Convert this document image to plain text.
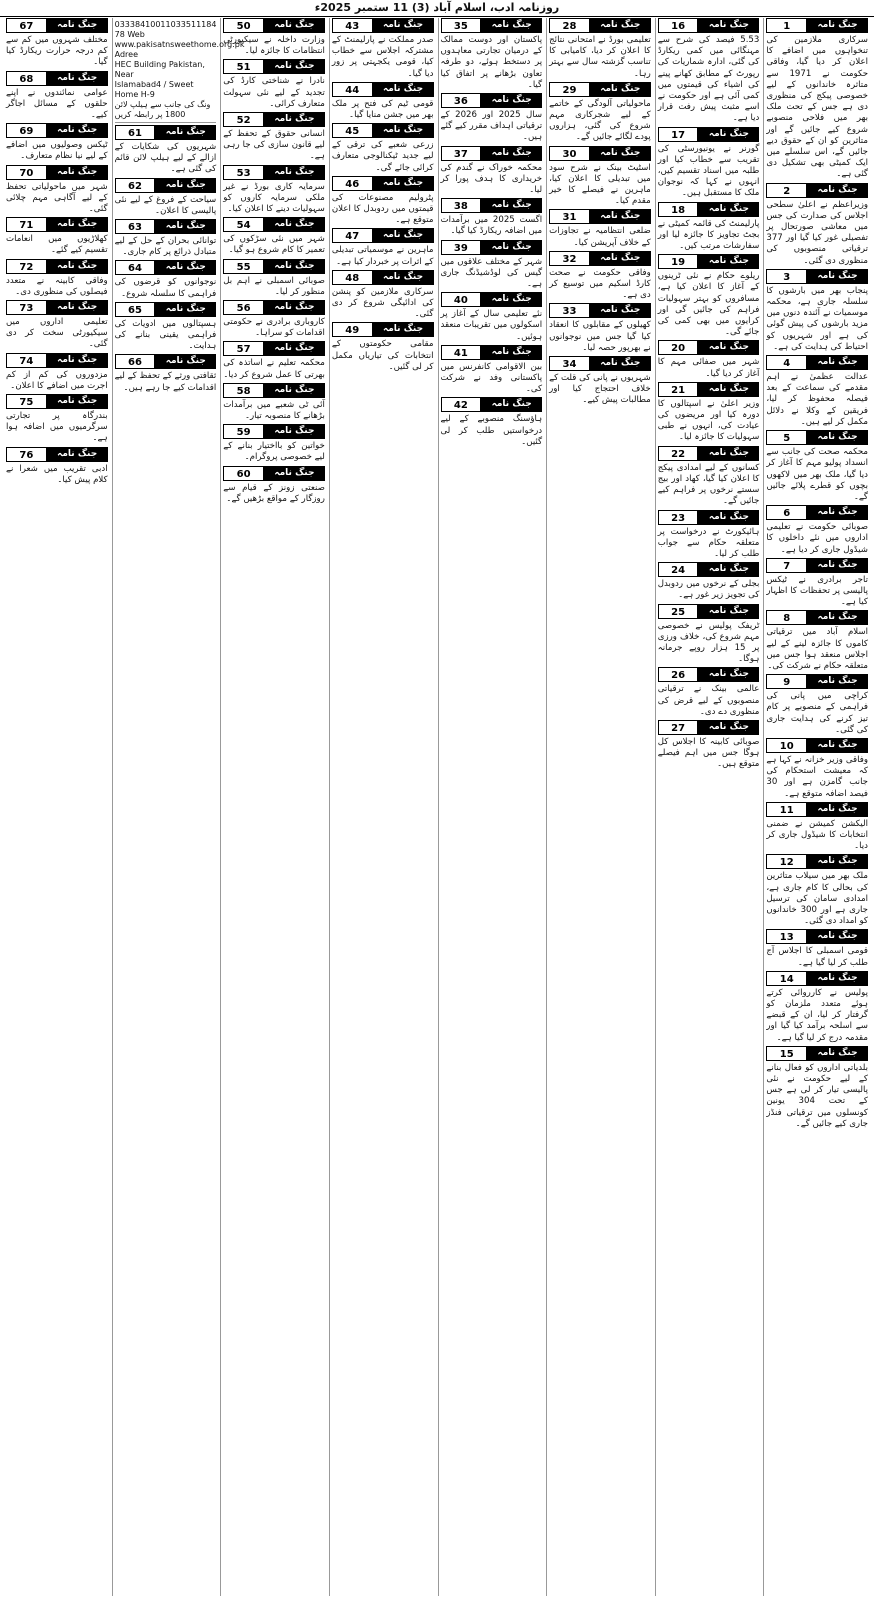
روزنامہ ادب، اسلام آباد (3) 11 ستمبر 2025ء
جنگ نامہ
1
سرکاری ملازمین کی تنخواہوں میں اضافے کا اعلان کر دیا گیا، وفاقی حکومت نے 1971 سے متاثرہ خاندانوں کے لیے خصوصی پیکج کی منظوری دی ہے جس کے تحت ملک بھر میں فلاحی منصوبے شروع کیے جائیں گے اور متاثرین کو ان کے حقوق دیے جائیں گے، اس سلسلے میں ایک کمیٹی بھی تشکیل دی گئی ہے۔
جنگ نامہ
2
وزیراعظم نے اعلیٰ سطحی اجلاس کی صدارت کی جس میں معاشی صورتحال پر تفصیلی غور کیا گیا اور 377 ترقیاتی منصوبوں کی منظوری دی گئی۔
جنگ نامہ
3
پنجاب بھر میں بارشوں کا سلسلہ جاری ہے، محکمہ موسمیات نے آئندہ دنوں میں مزید بارشوں کی پیش گوئی کی ہے اور شہریوں کو احتیاط کی ہدایت کی ہے۔
جنگ نامہ
4
عدالت عظمیٰ نے اہم مقدمے کی سماعت کے بعد فیصلہ محفوظ کر لیا، فریقین کے وکلا نے دلائل مکمل کر لیے ہیں۔
جنگ نامہ
5
محکمہ صحت کی جانب سے انسداد پولیو مہم کا آغاز کر دیا گیا، ملک بھر میں لاکھوں بچوں کو قطرے پلائے جائیں گے۔
جنگ نامہ
6
صوبائی حکومت نے تعلیمی اداروں میں نئے داخلوں کا شیڈول جاری کر دیا ہے۔
جنگ نامہ
7
تاجر برادری نے ٹیکس پالیسی پر تحفظات کا اظہار کیا ہے۔
جنگ نامہ
8
اسلام آباد میں ترقیاتی کاموں کا جائزہ لینے کے لیے اجلاس منعقد ہوا جس میں متعلقہ حکام نے شرکت کی۔
جنگ نامہ
9
کراچی میں پانی کی فراہمی کے منصوبے پر کام تیز کرنے کی ہدایت جاری کی گئی۔
جنگ نامہ
10
وفاقی وزیر خزانہ نے کہا ہے کہ معیشت استحکام کی جانب گامزن ہے اور 30 فیصد اضافہ متوقع ہے۔
جنگ نامہ
11
الیکشن کمیشن نے ضمنی انتخابات کا شیڈول جاری کر دیا۔
جنگ نامہ
12
ملک بھر میں سیلاب متاثرین کی بحالی کا کام جاری ہے، امدادی سامان کی ترسیل جاری ہے اور 300 خاندانوں کو امداد دی گئی۔
جنگ نامہ
13
قومی اسمبلی کا اجلاس آج طلب کر لیا گیا ہے۔
جنگ نامہ
14
پولیس نے کارروائی کرتے ہوئے متعدد ملزمان کو گرفتار کر لیا، ان کے قبضے سے اسلحہ برآمد کیا گیا اور مقدمہ درج کر لیا گیا ہے۔
جنگ نامہ
15
بلدیاتی اداروں کو فعال بنانے کے لیے حکومت نے نئی پالیسی تیار کر لی ہے جس کے تحت 304 یونین کونسلوں میں ترقیاتی فنڈز جاری کیے جائیں گے۔
جنگ نامہ
16
5.53 فیصد کی شرح سے مہنگائی میں کمی ریکارڈ کی گئی، ادارہ شماریات کی رپورٹ کے مطابق کھانے پینے کی اشیاء کی قیمتوں میں کمی آئی ہے اور حکومت نے اسے مثبت پیش رفت قرار دیا ہے۔
جنگ نامہ
17
گورنر نے یونیورسٹی کی تقریب سے خطاب کیا اور طلبہ میں اسناد تقسیم کیں، انہوں نے کہا کہ نوجوان ملک کا مستقبل ہیں۔
جنگ نامہ
18
پارلیمنٹ کی قائمہ کمیٹی نے بجٹ تجاویز کا جائزہ لیا اور سفارشات مرتب کیں۔
جنگ نامہ
19
ریلوے حکام نے نئی ٹرینوں کے آغاز کا اعلان کیا ہے، مسافروں کو بہتر سہولیات فراہم کی جائیں گی اور کرایوں میں بھی کمی کی جائے گی۔
جنگ نامہ
20
شہر میں صفائی مہم کا آغاز کر دیا گیا۔
جنگ نامہ
21
وزیر اعلیٰ نے اسپتالوں کا دورہ کیا اور مریضوں کی عیادت کی، انہوں نے طبی سہولیات کا جائزہ لیا۔
جنگ نامہ
22
کسانوں کے لیے امدادی پیکج کا اعلان کیا گیا، کھاد اور بیج سستے نرخوں پر فراہم کیے جائیں گے۔
جنگ نامہ
23
ہائیکورٹ نے درخواست پر متعلقہ حکام سے جواب طلب کر لیا۔
جنگ نامہ
24
بجلی کے نرخوں میں ردوبدل کی تجویز زیر غور ہے۔
جنگ نامہ
25
ٹریفک پولیس نے خصوصی مہم شروع کی، خلاف ورزی پر 15 ہزار روپے جرمانہ ہوگا۔
جنگ نامہ
26
عالمی بینک نے ترقیاتی منصوبوں کے لیے قرض کی منظوری دے دی۔
جنگ نامہ
27
صوبائی کابینہ کا اجلاس کل ہوگا جس میں اہم فیصلے متوقع ہیں۔
جنگ نامہ
28
تعلیمی بورڈ نے امتحانی نتائج کا اعلان کر دیا، کامیابی کا تناسب گزشتہ سال سے بہتر رہا۔
جنگ نامہ
29
ماحولیاتی آلودگی کے خاتمے کے لیے شجرکاری مہم شروع کی گئی، ہزاروں پودے لگائے جائیں گے۔
جنگ نامہ
30
اسٹیٹ بینک نے شرح سود میں تبدیلی کا اعلان کیا، ماہرین نے فیصلے کا خیر مقدم کیا۔
جنگ نامہ
31
ضلعی انتظامیہ نے تجاوزات کے خلاف آپریشن کیا۔
جنگ نامہ
32
وفاقی حکومت نے صحت کارڈ اسکیم میں توسیع کر دی ہے۔
جنگ نامہ
33
کھیلوں کے مقابلوں کا انعقاد کیا گیا جس میں نوجوانوں نے بھرپور حصہ لیا۔
جنگ نامہ
34
شہریوں نے پانی کی قلت کے خلاف احتجاج کیا اور مطالبات پیش کیے۔
جنگ نامہ
35
پاکستان اور دوست ممالک کے درمیان تجارتی معاہدوں پر دستخط ہوئے، دو طرفہ تعاون بڑھانے پر اتفاق کیا گیا۔
جنگ نامہ
36
سال 2025 اور 2026 کے ترقیاتی اہداف مقرر کیے گئے ہیں۔
جنگ نامہ
37
محکمہ خوراک نے گندم کی خریداری کا ہدف پورا کر لیا۔
جنگ نامہ
38
اگست 2025 میں برآمدات میں اضافہ ریکارڈ کیا گیا۔
جنگ نامہ
39
شہر کے مختلف علاقوں میں گیس کی لوڈشیڈنگ جاری ہے۔
جنگ نامہ
40
نئے تعلیمی سال کے آغاز پر اسکولوں میں تقریبات منعقد ہوئیں۔
جنگ نامہ
41
بین الاقوامی کانفرنس میں پاکستانی وفد نے شرکت کی۔
جنگ نامہ
42
ہاؤسنگ منصوبے کے لیے درخواستیں طلب کر لی گئیں۔
جنگ نامہ
43
صدر مملکت نے پارلیمنٹ کے مشترکہ اجلاس سے خطاب کیا، قومی یکجہتی پر زور دیا گیا۔
جنگ نامہ
44
قومی ٹیم کی فتح پر ملک بھر میں جشن منایا گیا۔
جنگ نامہ
45
زرعی شعبے کی ترقی کے لیے جدید ٹیکنالوجی متعارف کرائی جائے گی۔
جنگ نامہ
46
پٹرولیم مصنوعات کی قیمتوں میں ردوبدل کا اعلان متوقع ہے۔
جنگ نامہ
47
ماہرین نے موسمیاتی تبدیلی کے اثرات پر خبردار کیا ہے۔
جنگ نامہ
48
سرکاری ملازمین کو پنشن کی ادائیگی شروع کر دی گئی۔
جنگ نامہ
49
مقامی حکومتوں کے انتخابات کی تیاریاں مکمل کر لی گئیں۔
جنگ نامہ
50
وزارت داخلہ نے سیکیورٹی انتظامات کا جائزہ لیا۔
جنگ نامہ
51
نادرا نے شناختی کارڈ کی تجدید کے لیے نئی سہولت متعارف کرائی۔
جنگ نامہ
52
انسانی حقوق کے تحفظ کے لیے قانون سازی کی جا رہی ہے۔
جنگ نامہ
53
سرمایہ کاری بورڈ نے غیر ملکی سرمایہ کاروں کو سہولیات دینے کا اعلان کیا۔
جنگ نامہ
54
شہر میں نئی سڑکوں کی تعمیر کا کام شروع ہو گیا۔
جنگ نامہ
55
صوبائی اسمبلی نے اہم بل منظور کر لیا۔
جنگ نامہ
56
کاروباری برادری نے حکومتی اقدامات کو سراہا۔
جنگ نامہ
57
محکمہ تعلیم نے اساتذہ کی بھرتی کا عمل شروع کر دیا۔
جنگ نامہ
58
آئی ٹی شعبے میں برآمدات بڑھانے کا منصوبہ تیار۔
جنگ نامہ
59
خواتین کو بااختیار بنانے کے لیے خصوصی پروگرام۔
جنگ نامہ
60
صنعتی زونز کے قیام سے روزگار کے مواقع بڑھیں گے۔
03338410011033511184 78 Web
www.pakisatnsweethome.org.pk Adree
HEC Building Pakistan, Near
Islamabad4 / Sweet Home H-9
ونگ کی جانب سے ہیلپ لائن 1800 پر رابطہ کریں
جنگ نامہ
61
شہریوں کی شکایات کے ازالے کے لیے ہیلپ لائن قائم کی گئی ہے۔
جنگ نامہ
62
سیاحت کے فروغ کے لیے نئی پالیسی کا اعلان۔
جنگ نامہ
63
توانائی بحران کے حل کے لیے متبادل ذرائع پر کام جاری۔
جنگ نامہ
64
نوجوانوں کو قرضوں کی فراہمی کا سلسلہ شروع۔
جنگ نامہ
65
ہسپتالوں میں ادویات کی فراہمی یقینی بنانے کی ہدایت۔
جنگ نامہ
66
ثقافتی ورثے کے تحفظ کے لیے اقدامات کیے جا رہے ہیں۔
جنگ نامہ
67
مختلف شہروں میں کم سے کم درجہ حرارت ریکارڈ کیا گیا۔
جنگ نامہ
68
عوامی نمائندوں نے اپنے حلقوں کے مسائل اجاگر کیے۔
جنگ نامہ
69
ٹیکس وصولیوں میں اضافے کے لیے نیا نظام متعارف۔
جنگ نامہ
70
شہر میں ماحولیاتی تحفظ کے لیے آگاہی مہم چلائی گئی۔
جنگ نامہ
71
کھلاڑیوں میں انعامات تقسیم کیے گئے۔
جنگ نامہ
72
وفاقی کابینہ نے متعدد فیصلوں کی منظوری دی۔
جنگ نامہ
73
تعلیمی اداروں میں سیکیورٹی سخت کر دی گئی۔
جنگ نامہ
74
مزدوروں کی کم از کم اجرت میں اضافے کا اعلان۔
جنگ نامہ
75
بندرگاہ پر تجارتی سرگرمیوں میں اضافہ ہوا ہے۔
جنگ نامہ
76
ادبی تقریب میں شعرا نے کلام پیش کیا۔
